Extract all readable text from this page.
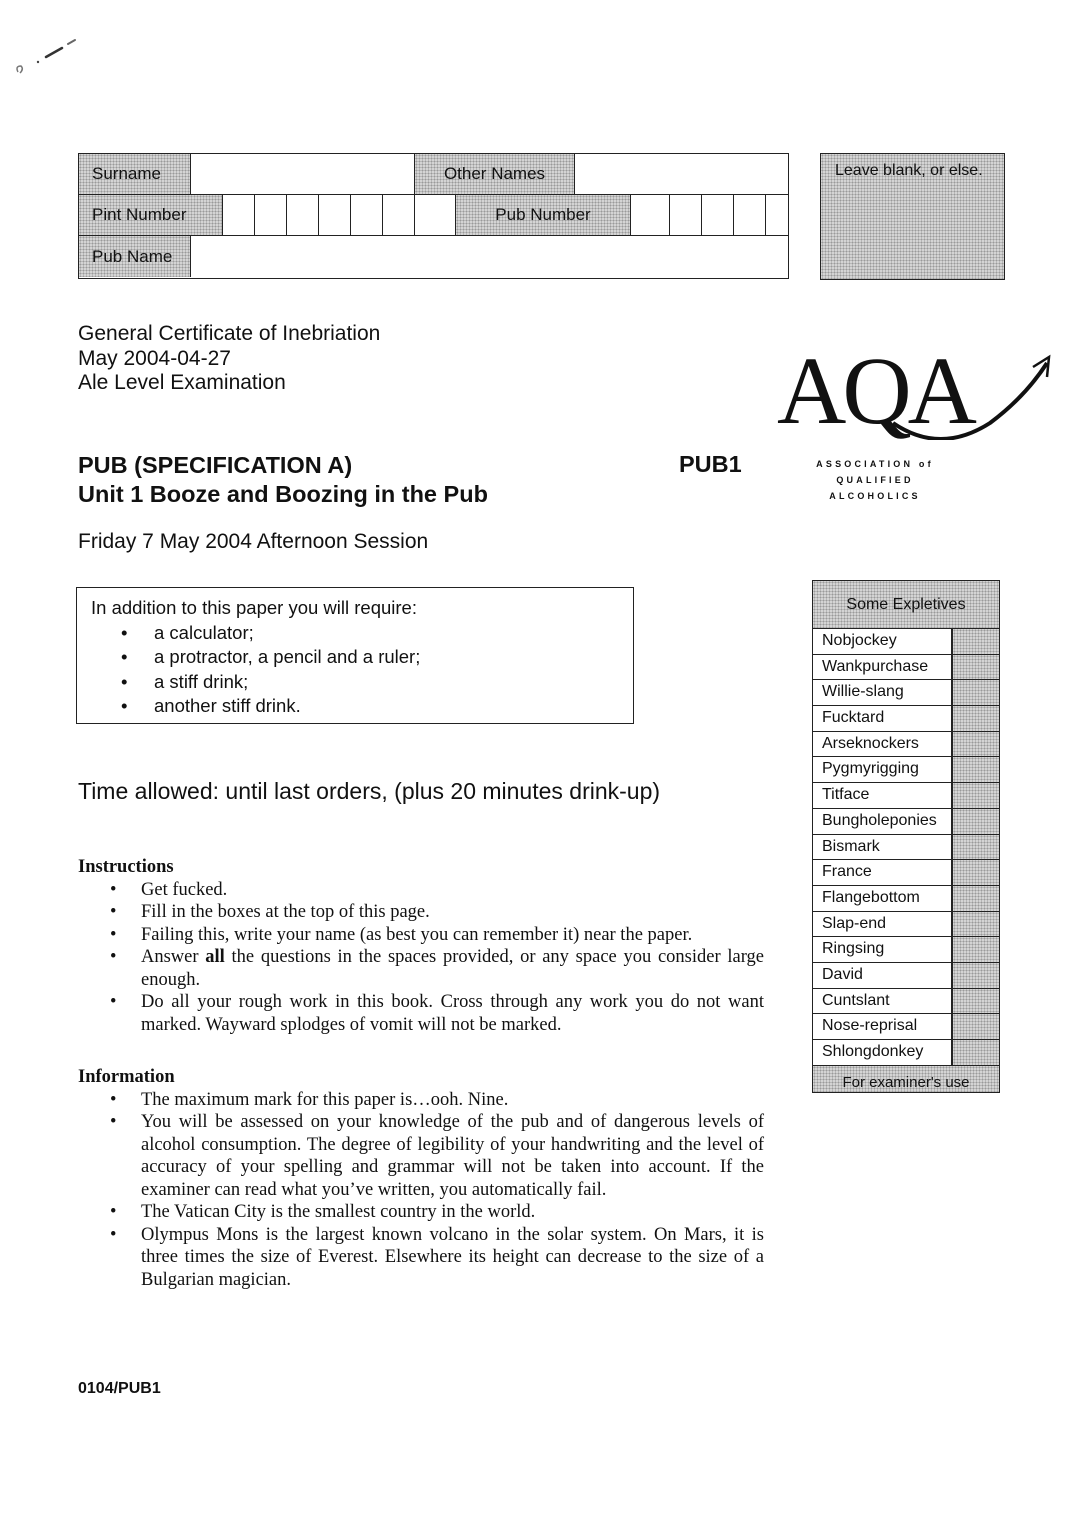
Surname	Other Names
Pint Number	Pub Number
Pub Name
Leave blank, or else.
AQA
ASSOCIATION of
QUALIFIED
ALCOHOLICS
General Certificate of Inebriation
May 2004-04-27
Ale Level Examination
PUB (SPECIFICATION A)
Unit 1 Booze and Boozing in the Pub
PUB1
Friday 7 May 2004 Afternoon Session
In addition to this paper you will require:
• a calculator;
• a protractor, a pencil and a ruler;
• a stiff drink;
• another stiff drink.
Time allowed: until last orders, (plus 20 minutes drink-up)
Instructions
• Get fucked.
• Fill in the boxes at the top of this page.
• Failing this, write your name (as best you can remember it) near the paper.
• Answer all the questions in the spaces provided, or any space you consider large enough.
• Do all your rough work in this book. Cross through any work you do not want marked. Wayward splodges of vomit will not be marked.
Information
• The maximum mark for this paper is…ooh. Nine.
• You will be assessed on your knowledge of the pub and of dangerous levels of alcohol consumption. The degree of legibility of your handwriting and the level of accuracy of your spelling and grammar will not be taken into account. If the examiner can read what you’ve written, you automatically fail.
• The Vatican City is the smallest country in the world.
• Olympus Mons is the largest known volcano in the solar system. On Mars, it is three times the size of Everest. Elsewhere its height can decrease to the size of a Bulgarian magician.
Some Expletives
Nobjockey
Wankpurchase
Willie-slang
Fucktard
Arseknockers
Pygmyrigging
Titface
Bungholeponies
Bismark
France
Flangebottom
Slap-end
Ringsing
David
Cuntslant
Nose-reprisal
Shlongdonkey
For examiner's use
0104/PUB1
